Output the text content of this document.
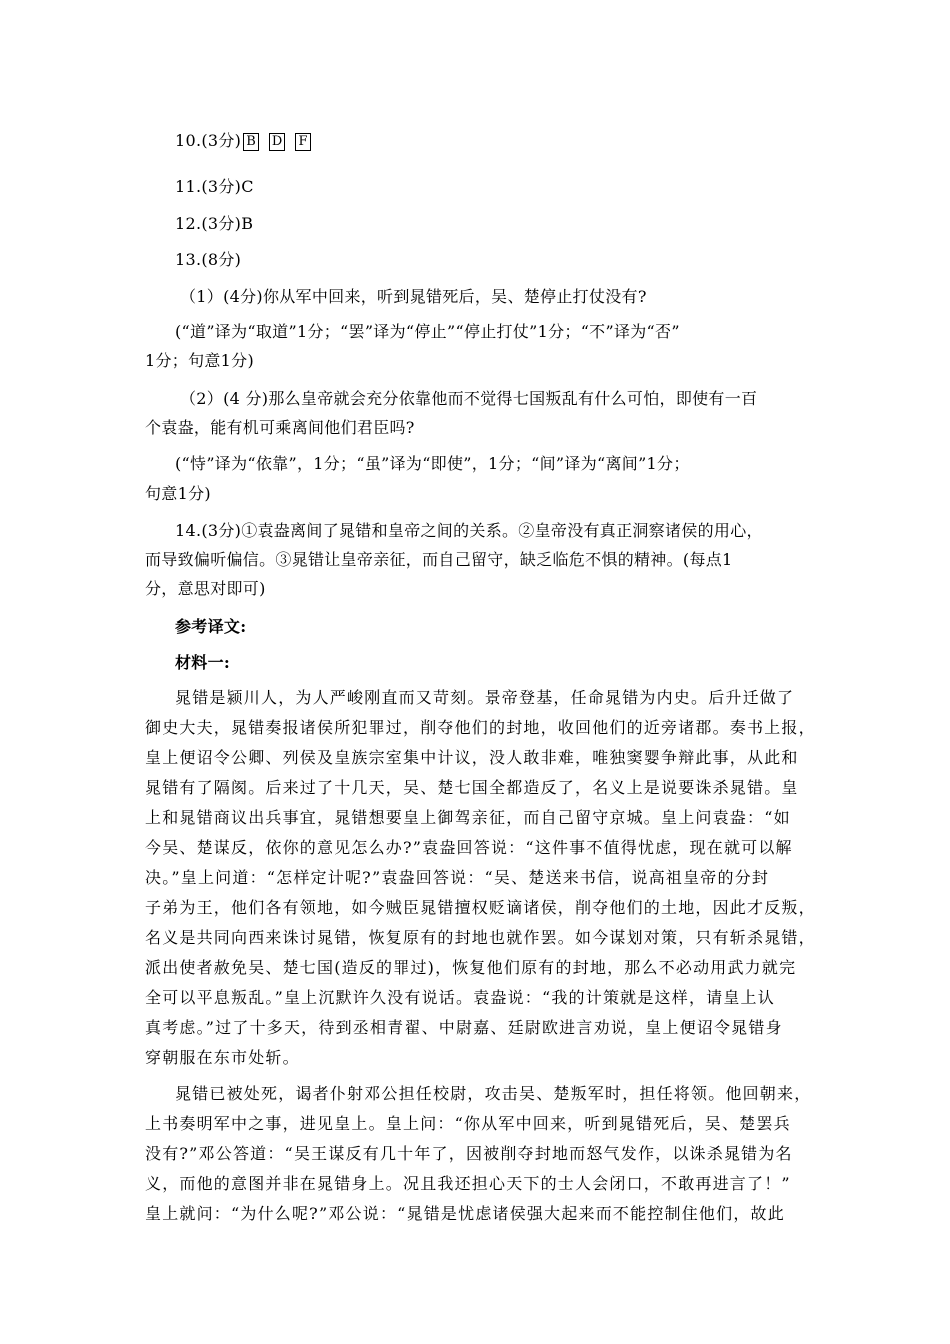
10.(3分) B D F
11.(3分)C
12.(3分)B
13.(8分)
（1）(4分)你从军中回来，听到晁错死后，吴、楚停止打仗没有?
(“道”译为“取道”1分；“罢”译为“停止”“停止打仗”1分；“不”译为“否”
1分；句意1分)
（2）(4 分)那么皇帝就会充分依靠他而不觉得七国叛乱有什么可怕，即使有一百
个袁盎，能有机可乘离间他们君臣吗?
(“恃”译为“依靠”，1分；“虽”译为“即使”，1分；“间”译为“离间”1分；
句意1分)
14.(3分)①袁盎离间了晁错和皇帝之间的关系。②皇帝没有真正洞察诸侯的用心，
而导致偏听偏信。③晁错让皇帝亲征，而自己留守，缺乏临危不惧的精神。(每点1
分，意思对即可)
参考译文:
材料一:
晁错是颍川人，为人严峻刚直而又苛刻。景帝登基，任命晁错为内史。后升迁做了
御史大夫，晁错奏报诸侯所犯罪过，削夺他们的封地，收回他们的近旁诸郡。奏书上报，
皇上便诏令公卿、列侯及皇族宗室集中计议，没人敢非难，唯独窦婴争辩此事，从此和
晁错有了隔阂。后来过了十几天，吴、楚七国全都造反了，名义上是说要诛杀晁错。皇
上和晁错商议出兵事宜，晁错想要皇上御驾亲征，而自己留守京城。皇上问袁盎：“如
今吴、楚谋反，依你的意见怎么办?”袁盎回答说：“这件事不值得忧虑，现在就可以解
决。”皇上问道：“怎样定计呢?”袁盎回答说：“吴、楚送来书信，说高祖皇帝的分封
子弟为王，他们各有领地，如今贼臣晁错擅权贬谪诸侯，削夺他们的土地，因此才反叛，
名义是共同向西来诛讨晁错，恢复原有的封地也就作罢。如今谋划对策，只有斩杀晁错，
派出使者赦免吴、楚七国(造反的罪过)，恢复他们原有的封地，那么不必动用武力就完
全可以平息叛乱。”皇上沉默许久没有说话。袁盎说：“我的计策就是这样，请皇上认
真考虑。”过了十多天，待到丞相青翟、中尉嘉、廷尉欧进言劝说，皇上便诏令晁错身
穿朝服在东市处斩。
晁错已被处死，谒者仆射邓公担任校尉，攻击吴、楚叛军时，担任将领。他回朝来，
上书奏明军中之事，进见皇上。皇上问：“你从军中回来，听到晁错死后，吴、楚罢兵
没有?”邓公答道：“吴王谋反有几十年了，因被削夺封地而怒气发作，以诛杀晁错为名
义，而他的意图并非在晁错身上。况且我还担心天下的士人会闭口，不敢再进言了！”
皇上就问：“为什么呢?”邓公说：“晁错是忧虑诸侯强大起来而不能控制住他们，故此
